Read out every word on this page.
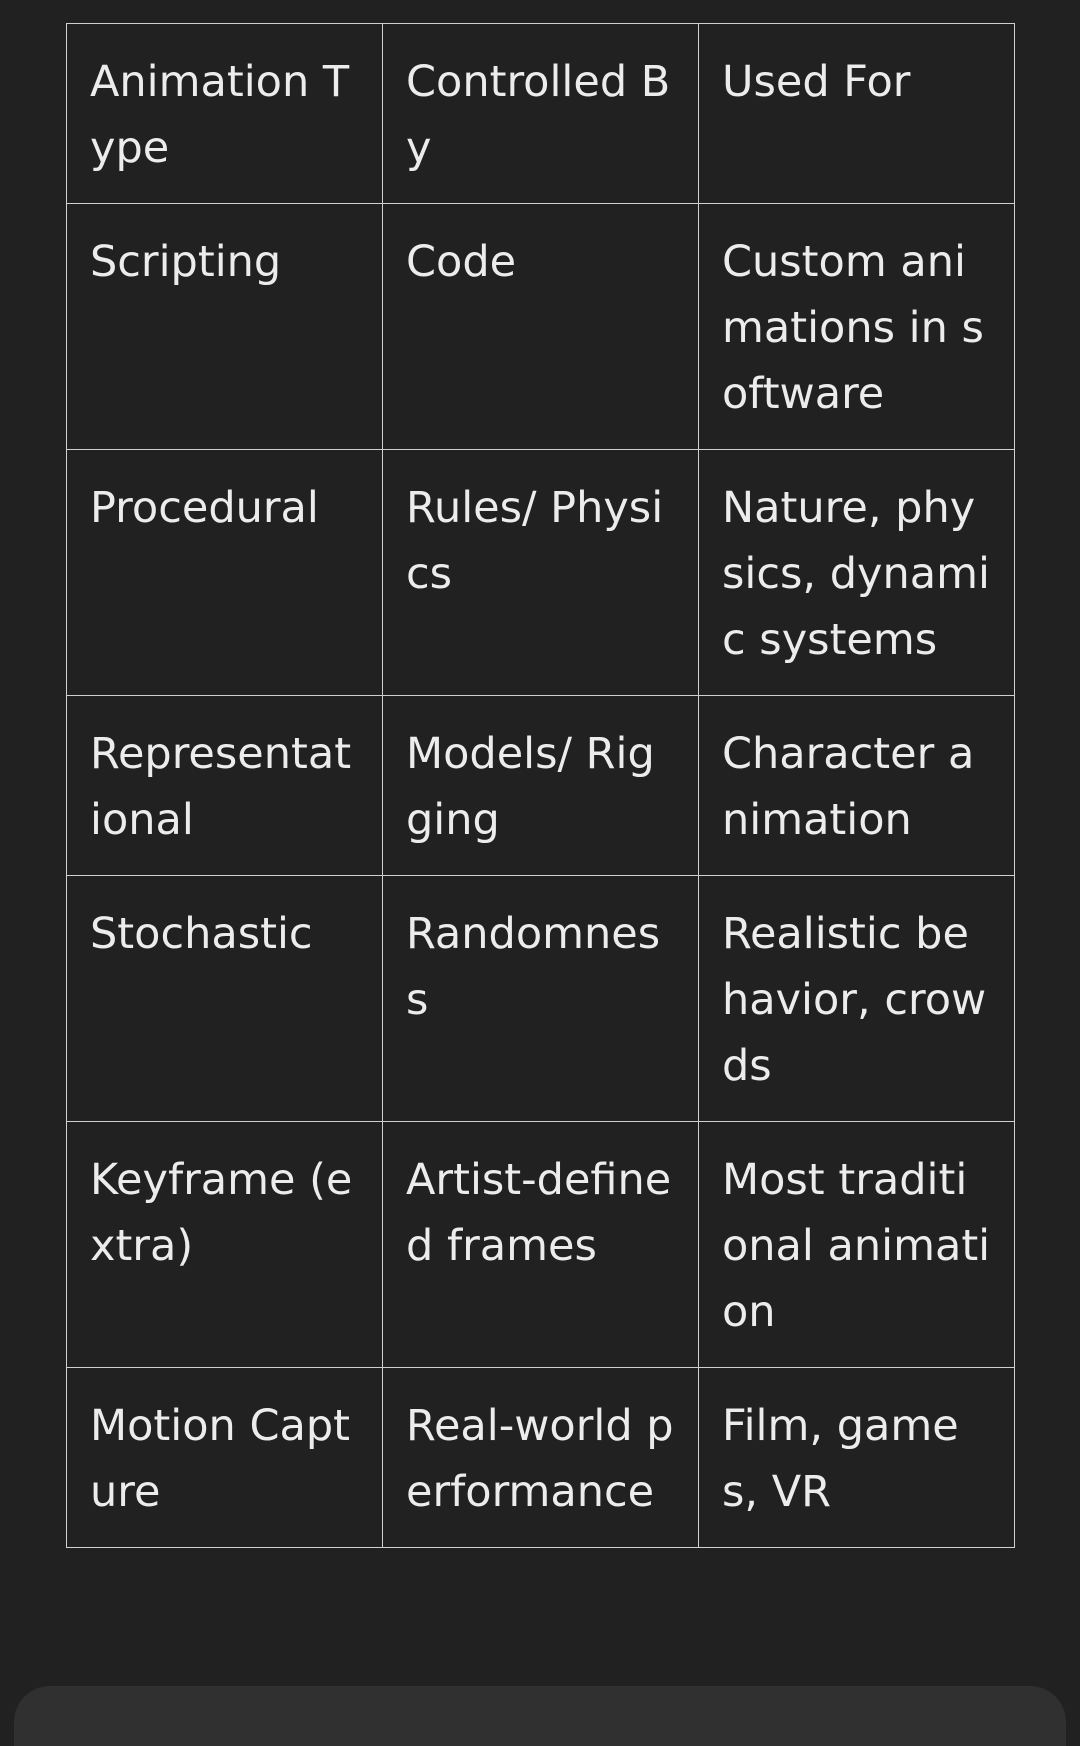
Animation Type	Controlled By	Used For
Scripting	Code	Custom animations in software
Procedural	Rules/ Physics	Nature, physics, dynamic systems
Representational	Models/ Rigging	Character animation
Stochastic	Randomness	Realistic behavior, crowds
Keyframe (extra)	Artist-defined frames	Most traditional animation
Motion Capture	Real-world performance	Film, games, VR
